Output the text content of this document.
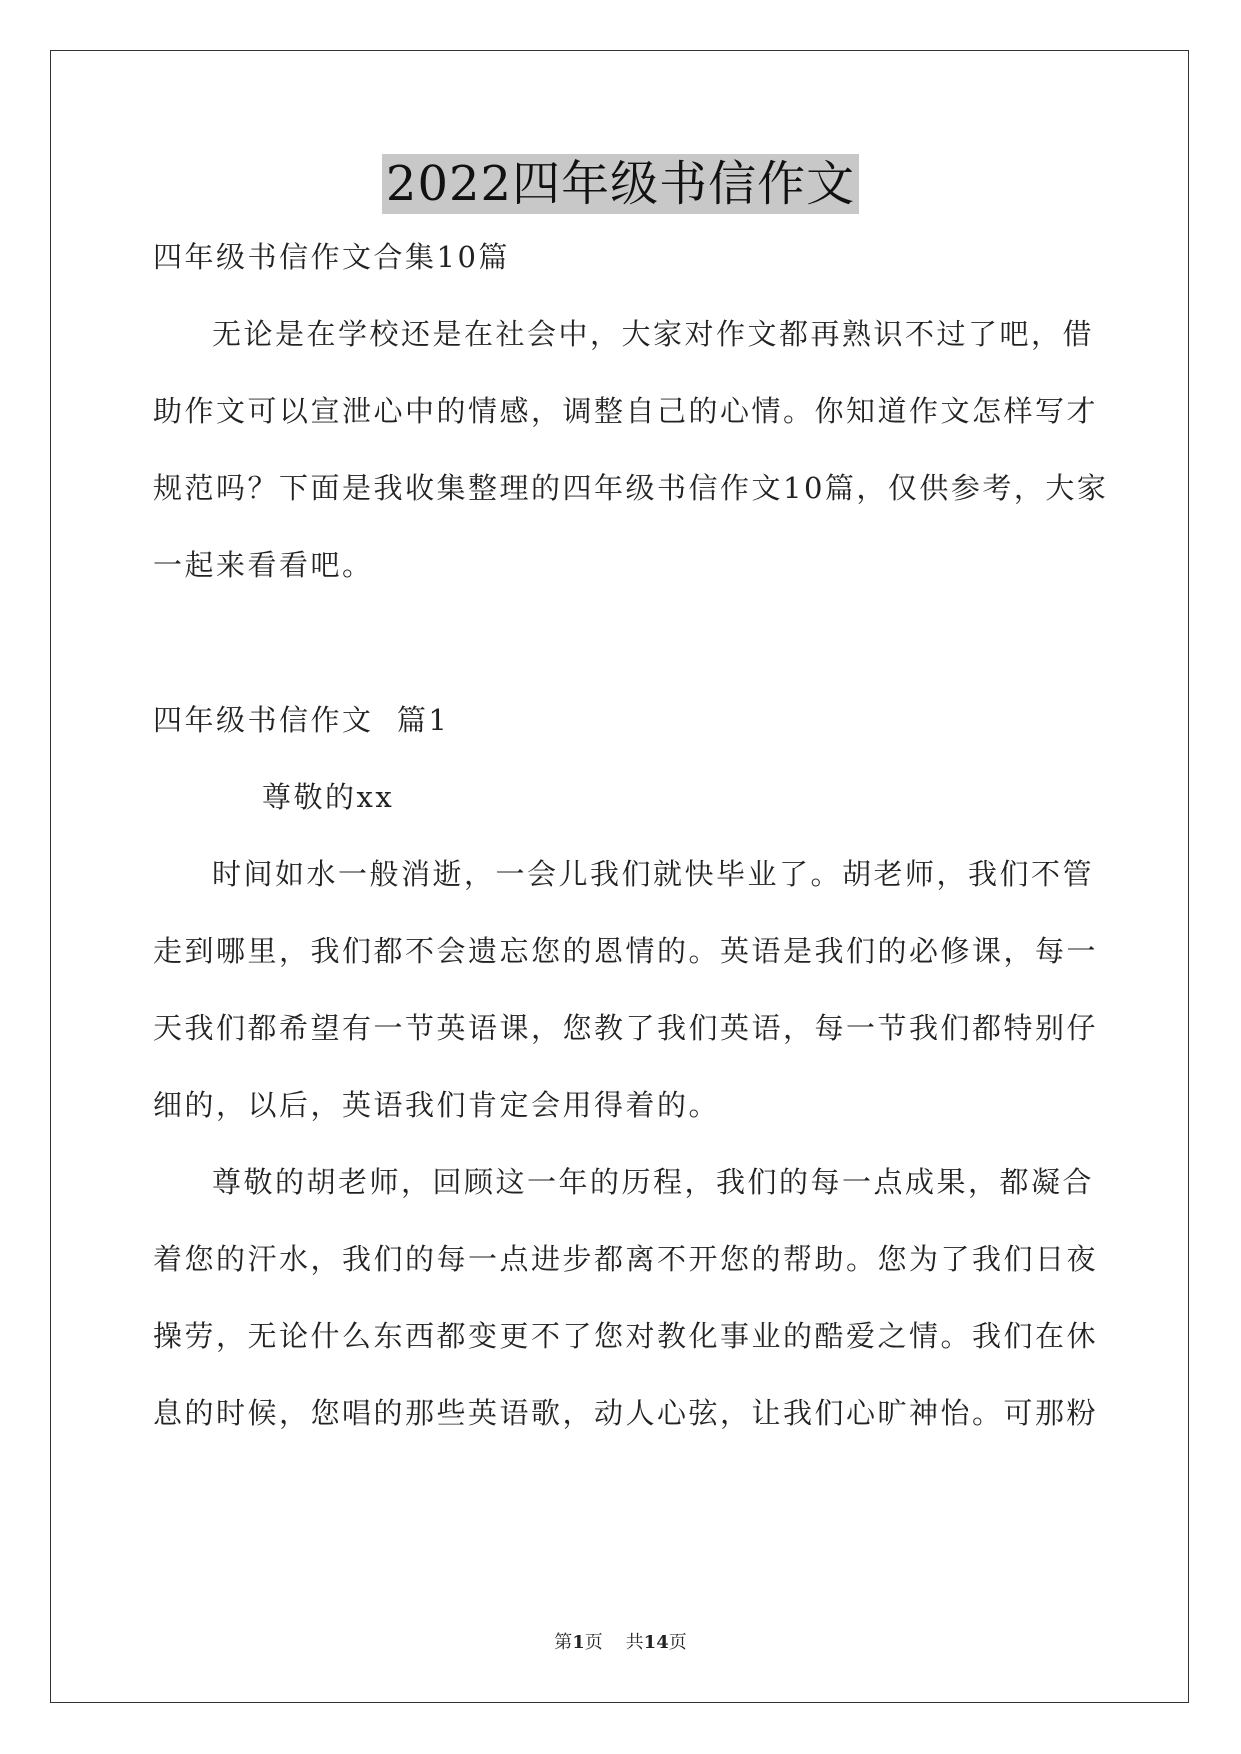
2022四年级书信作文
四年级书信作文合集10篇
无论是在学校还是在社会中，大家对作文都再熟识不过了吧，借
助作文可以宣泄心中的情感，调整自己的心情。你知道作文怎样写才
规范吗？下面是我收集整理的四年级书信作文10篇，仅供参考，大家
一起来看看吧。
四年级书信作文  篇1
尊敬的xx
时间如水一般消逝，一会儿我们就快毕业了。胡老师，我们不管
走到哪里，我们都不会遗忘您的恩情的。英语是我们的必修课，每一
天我们都希望有一节英语课，您教了我们英语，每一节我们都特别仔
细的，以后，英语我们肯定会用得着的。
尊敬的胡老师，回顾这一年的历程，我们的每一点成果，都凝合
着您的汗水，我们的每一点进步都离不开您的帮助。您为了我们日夜
操劳，无论什么东西都变更不了您对教化事业的酷爱之情。我们在休
息的时候，您唱的那些英语歌，动人心弦，让我们心旷神怡。可那粉
第1页 共14页
